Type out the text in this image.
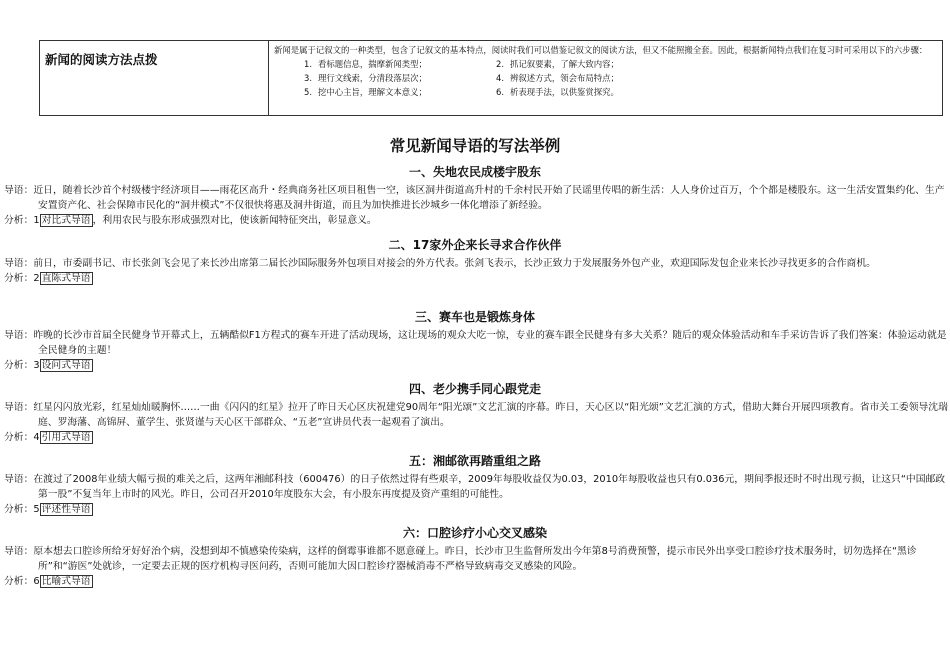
新闻的阅读方法点拨

新闻是属于记叙文的一种类型，包含了记叙文的基本特点，阅读时我们可以借鉴记叙文的阅读方法，但又不能照搬全套。因此，根据新闻特点我们在复习时可采用以下的六步骤：
1. 看标题信息，揣摩新闻类型；	2. 抓记叙要素，了解大致内容；
3. 理行文线索，分清段落层次；	4. 辨叙述方式，领会布局特点；
5. 挖中心主旨，理解文本意义；	6. 析表现手法，以供鉴赏探究。
常见新闻导语的写法举例
一、失地农民成楼宇股东
导语：近日，随着长沙首个村级楼宇经济项目——雨花区高升・经典商务社区项目租售一空，该区洞井街道高升村的千余村民开始了民谣里传唱的新生活：人人身价过百万，个个都是楼股东。这一生活安置集约化、生产安置资产化、社会保障市民化的“洞井模式”不仅很快将惠及洞井街道，而且为加快推进长沙城乡一体化增添了新经验。
分析：1 对比式导语 ，利用农民与股东形成强烈对比，使该新闻特征突出，彰显意义。
二、17家外企来长寻求合作伙伴
导语：前日，市委副书记、市长张剑飞会见了来长沙出席第二届长沙国际服务外包项目对接会的外方代表。张剑飞表示，长沙正致力于发展服务外包产业，欢迎国际发包企业来长沙寻找更多的合作商机。
分析：2 直陈式导语
三、赛车也是锻炼身体
导语：昨晚的长沙市首届全民健身节开幕式上，五辆酷似F1方程式的赛车开进了活动现场，这让现场的观众大吃一惊，专业的赛车跟全民健身有多大关系？随后的观众体验活动和车手采访告诉了我们答案：体验运动就是全民健身的主题！
分析：3 设问式导语
四、老少携手同心跟党走
导语：红星闪闪放光彩，红星灿灿暖胸怀……一曲《闪闪的红星》拉开了昨日天心区庆祝建党90周年“阳光颂”文艺汇演的序幕。昨日，天心区以“阳光颂”文艺汇演的方式，借助大舞台开展四项教育。省市关工委领导沈瑞庭、罗海藩、高锦屏、董学生、张贤谨与天心区干部群众、“五老”宣讲员代表一起观看了演出。
分析：4 引用式导语
五：湘邮欲再踏重组之路
导语：在渡过了2008年业绩大幅亏损的难关之后，这两年湘邮科技（600476）的日子依然过得有些艰辛，2009年每股收益仅为0.03，2010年每股收益也只有0.036元，期间季报还时不时出现亏损，让这只“中国邮政第一股”不复当年上市时的风光。昨日，公司召开2010年度股东大会，有小股东再度提及资产重组的可能性。
分析：5 评述性导语
六：口腔诊疗小心交叉感染
导语：原本想去口腔诊所给牙好好治个病，没想到却不慎感染传染病，这样的倒霉事谁都不愿意碰上。昨日，长沙市卫生监督所发出今年第8号消费预警，提示市民外出享受口腔诊疗技术服务时，切勿选择在“黑诊所”和“游医”处就诊，一定要去正规的医疗机构寻医问药，否则可能加大因口腔诊疗器械消毒不严格导致病毒交叉感染的风险。
分析：6 比喻式导语
